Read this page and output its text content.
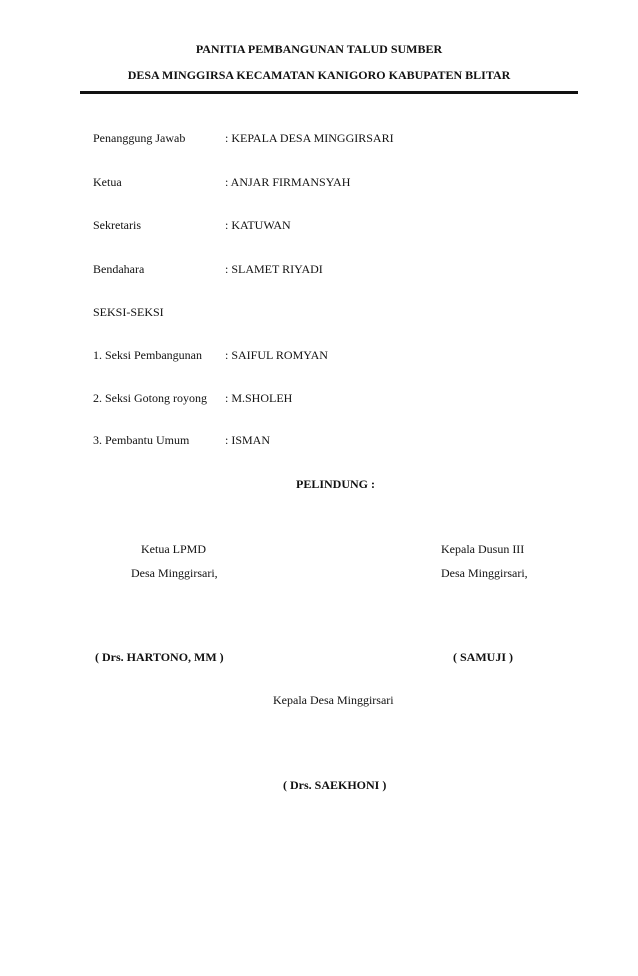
PANITIA PEMBANGUNAN TALUD SUMBER
DESA MINGGIRSA KECAMATAN KANIGORO KABUPATEN BLITAR
Penanggung Jawab	: KEPALA DESA MINGGIRSARI
Ketua	: ANJAR FIRMANSYAH
Sekretaris	: KATUWAN
Bendahara	: SLAMET RIYADI
SEKSI-SEKSI
1. Seksi Pembangunan : SAIFUL ROMYAN
2. Seksi Gotong royong : M.SHOLEH
3. Pembantu Umum	: ISMAN
PELINDUNG :
Ketua LPMD
Desa Minggirsari,
( Drs. HARTONO, MM )
Kepala Dusun III
Desa Minggirsari,
( SAMUJI )
Kepala Desa Minggirsari
( Drs. SAEKHONI )
